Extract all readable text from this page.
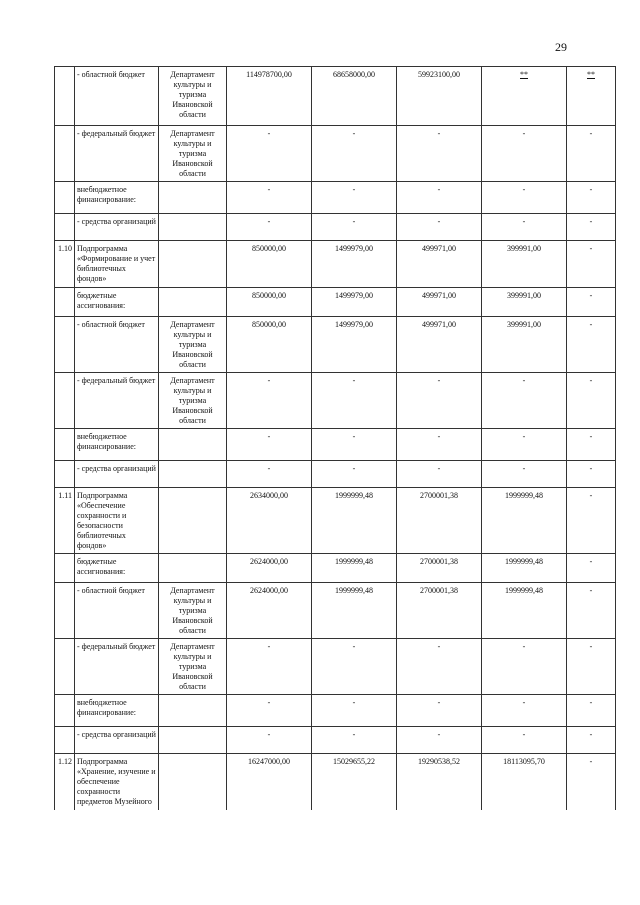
29
	- областной бюджет	Департамент культуры и туризма Ивановской области	114978700,00	68658000,00	59923100,00	**	**	
	- федеральный бюджет	Департамент культуры и туризма Ивановской области	-	-	-	-	-	
	внебюджетное финансирование:		-	-	-	-	-	
	- средства организаций		-	-	-	-	-	
1.10	Подпрограмма «Формирование и учет библиотечных фондов»		850000,00	1499979,00	499971,00	399991,00	-	
	бюджетные ассигнования:		850000,00	1499979,00	499971,00	399991,00	-	
	- областной бюджет	Департамент культуры и туризма Ивановской области	850000,00	1499979,00	499971,00	399991,00	-	
	- федеральный бюджет	Департамент культуры и туризма Ивановской области	-	-	-	-	-	
	внебюджетное финансирование:		-	-	-	-	-	
	- средства организаций		-	-	-	-	-	
1.11	Подпрограмма «Обеспечение сохранности и безопасности библиотечных фондов»		2634000,00	1999999,48	2700001,38	1999999,48	-	
	бюджетные ассигнования:		2624000,00	1999999,48	2700001,38	1999999,48	-	
	- областной бюджет	Департамент культуры и туризма Ивановской области	2624000,00	1999999,48	2700001,38	1999999,48	-	
	- федеральный бюджет	Департамент культуры и туризма Ивановской области	-	-	-	-	-	
	внебюджетное финансирование:		-	-	-	-	-	
	- средства организаций		-	-	-	-	-	
1.12	Подпрограмма «Хранение, изучение и обеспечение сохранности предметов Музейного		16247000,00	15029655,22	19290538,52	18113095,70	-	
